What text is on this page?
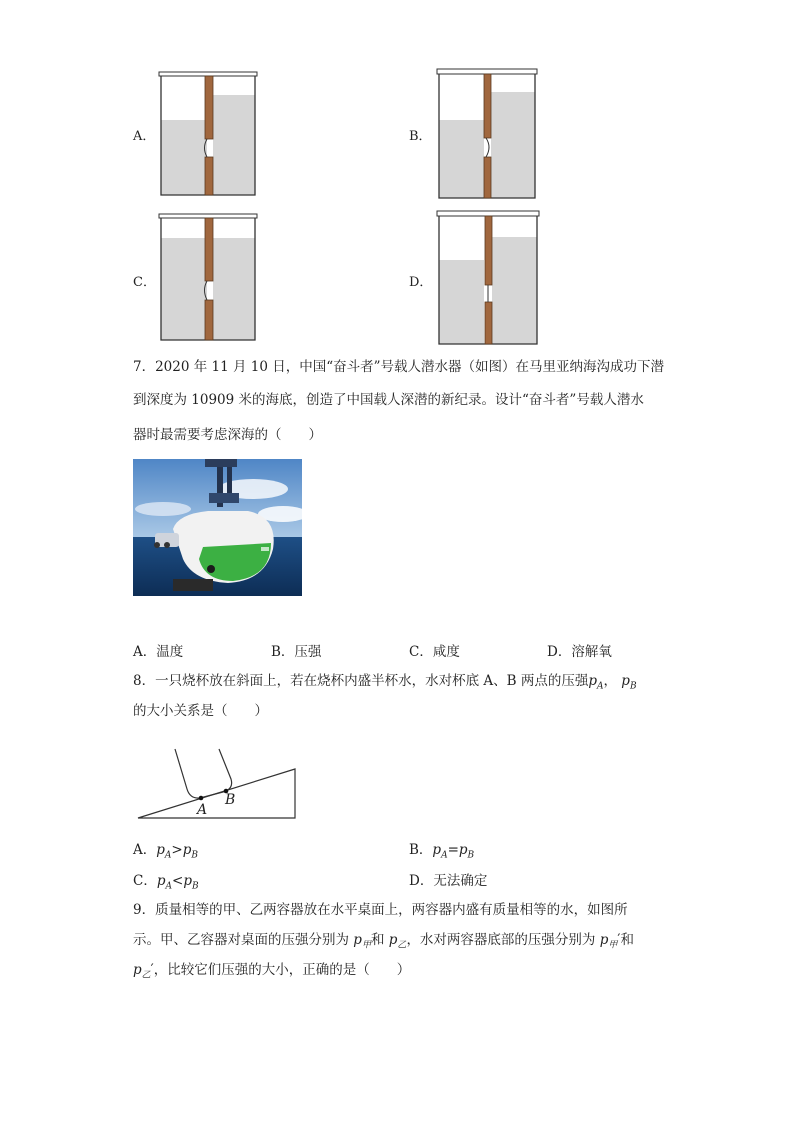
A．	B．
C．	D．
7．2020 年 11 月 10 日，中国“奋斗者”号载人潜水器（如图）在马里亚纳海沟成功下潜
到深度为 10909 米的海底，创造了中国载人深潜的新纪录。设计“奋斗者”号载人潜水
器时最需要考虑深海的（　　）
A．温度	B．压强	C．咸度	D．溶解氧
8．一只烧杯放在斜面上，若在烧杯内盛半杯水，水对杯底 A、B 两点的压强$p_A$， $p_B$
的大小关系是（　　）
A
B
A．$p_A>p_B$	B．$p_A=p_B$
C．$p_A<p_B$	D．无法确定
9．质量相等的甲、乙两容器放在水平桌面上，两容器内盛有质量相等的水，如图所
示。甲、乙容器对桌面的压强分别为 $p_甲$和 $p_乙$，水对两容器底部的压强分别为 $p_甲'$和
$p_乙'$，比较它们压强的大小，正确的是（　　）
